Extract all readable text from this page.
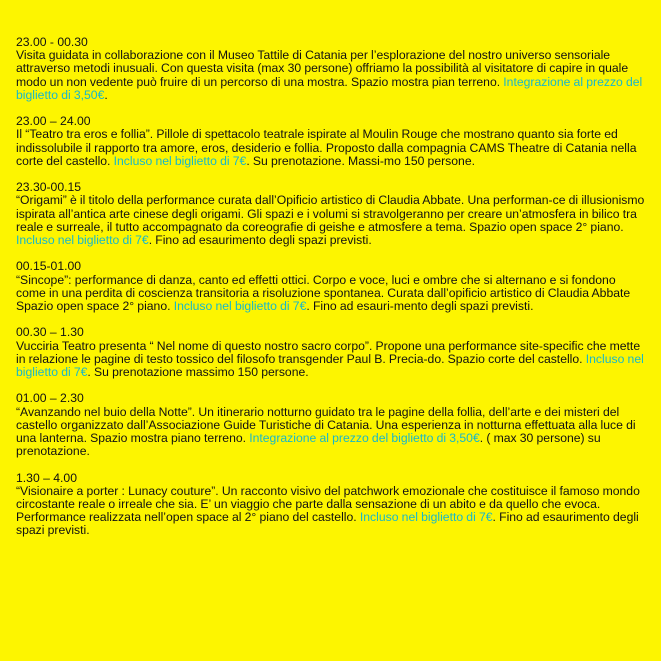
23.00 - 00.30
Visita guidata in collaborazione con il Museo Tattile di Catania per l’esplorazione del nostro universo sensoriale attraverso metodi inusuali. Con questa visita (max 30 persone) offriamo la possibilità al visitatore di capire in quale modo un non vedente può fruire di un percorso di una mostra. Spazio mostra pian terreno. Integrazione al prezzo del biglietto di 3,50€.
23.00 – 24.00
Il “Teatro tra eros e follia”. Pillole di spettacolo teatrale ispirate al Moulin Rouge che mostrano quanto sia forte ed indissolubile il rapporto tra amore, eros, desiderio e follia. Proposto dalla compagnia CAMS Theatre di Catania nella corte del castello. Incluso nel biglietto di 7€. Su prenotazione. Massi-mo 150 persone.
23.30-00.15
“Origami” è il titolo della performance curata dall’Opificio artistico di Claudia Abbate. Una performan-ce di illusionismo ispirata all’antica arte cinese degli origami. Gli spazi e i volumi si stravolgeranno per creare un’atmosfera in bilico tra reale e surreale, il tutto accompagnato da coreografie di geishe e atmosfere a tema. Spazio open space 2° piano. Incluso nel biglietto di 7€. Fino ad esaurimento degli spazi previsti.
00.15-01.00
“Sincope”: performance di danza, canto ed effetti ottici. Corpo e voce, luci e ombre che si alternano e si fondono come in una perdita di coscienza transitoria a risoluzione spontanea. Curata dall’opificio artistico di Claudia Abbate Spazio open space 2° piano. Incluso nel biglietto di 7€. Fino ad esauri-mento degli spazi previsti.
00.30 – 1.30
Vucciria Teatro presenta “ Nel nome di questo nostro sacro corpo”. Propone una performance site-specific che mette in relazione le pagine di testo tossico del filosofo transgender Paul B. Precia-do. Spazio corte del castello. Incluso nel biglietto di 7€. Su prenotazione massimo 150 persone.
01.00 – 2.30
“Avanzando nel buio della Notte”. Un itinerario notturno guidato tra le pagine della follia, dell’arte e dei misteri del castello organizzato dall’Associazione Guide Turistiche di Catania. Una esperienza in notturna effettuata alla luce di una lanterna. Spazio mostra piano terreno. Integrazione al prezzo del biglietto di 3,50€. ( max 30 persone) su prenotazione.
1.30 – 4.00
“Visionaire a porter : Lunacy couture”. Un racconto visivo del patchwork emozionale che costituisce il famoso mondo circostante reale o irreale che sia. E’ un viaggio che parte dalla sensazione di un abito e da quello che evoca. Performance realizzata nell’open space al 2° piano del castello. Incluso nel biglietto di 7€. Fino ad esaurimento degli spazi previsti.
